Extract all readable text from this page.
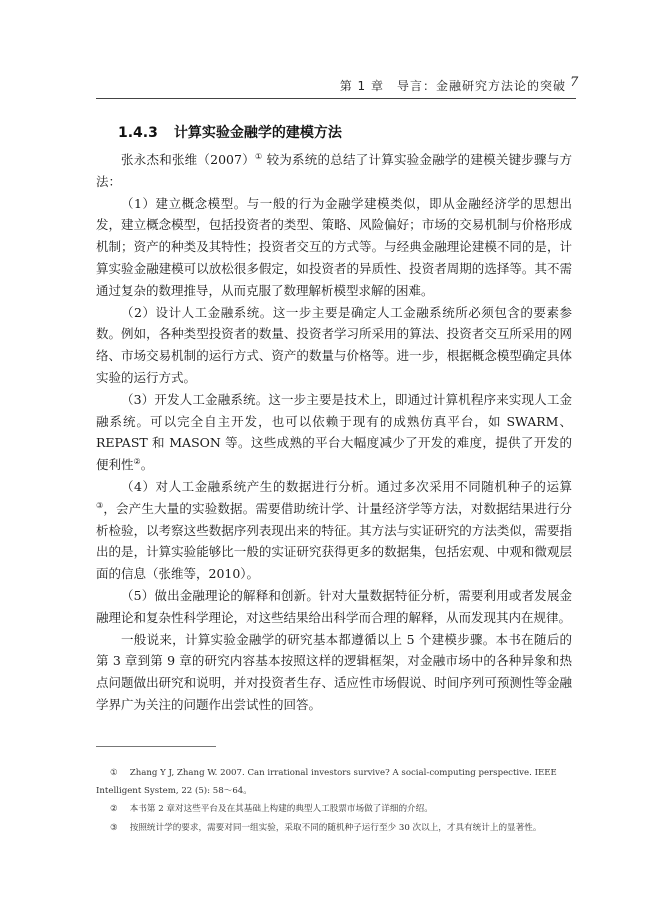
第 1 章　导言：金融研究方法论的突破 7
1.4.3 计算实验金融学的建模方法

张永杰和张维（2007）① 较为系统的总结了计算实验金融学的建模关键步骤与方法：

（1）建立概念模型。与一般的行为金融学建模类似，即从金融经济学的思想出发，建立概念模型，包括投资者的类型、策略、风险偏好；市场的交易机制与价格形成机制；资产的种类及其特性；投资者交互的方式等。与经典金融理论建模不同的是，计算实验金融建模可以放松很多假定，如投资者的异质性、投资者周期的选择等。其不需通过复杂的数理推导，从而克服了数理解析模型求解的困难。

（2）设计人工金融系统。这一步主要是确定人工金融系统所必须包含的要素参数。例如，各种类型投资者的数量、投资者学习所采用的算法、投资者交互所采用的网络、市场交易机制的运行方式、资产的数量与价格等。进一步，根据概念模型确定具体实验的运行方式。

（3）开发人工金融系统。这一步主要是技术上，即通过计算机程序来实现人工金融系统。可以完全自主开发，也可以依赖于现有的成熟仿真平台，如 SWARM、REPAST 和 MASON 等。这些成熟的平台大幅度减少了开发的难度，提供了开发的便利性②。

（4）对人工金融系统产生的数据进行分析。通过多次采用不同随机种子的运算③，会产生大量的实验数据。需要借助统计学、计量经济学等方法，对数据结果进行分析检验，以考察这些数据序列表现出来的特征。其方法与实证研究的方法类似，需要指出的是，计算实验能够比一般的实证研究获得更多的数据集，包括宏观、中观和微观层面的信息（张维等，2010）。

（5）做出金融理论的解释和创新。针对大量数据特征分析，需要利用或者发展金融理论和复杂性科学理论，对这些结果给出科学而合理的解释，从而发现其内在规律。

一般说来，计算实验金融学的研究基本都遵循以上 5 个建模步骤。本书在随后的第 3 章到第 9 章的研究内容基本按照这样的逻辑框架，对金融市场中的各种异象和热点问题做出研究和说明，并对投资者生存、适应性市场假说、时间序列可预测性等金融学界广为关注的问题作出尝试性的回答。

① Zhang Y J, Zhang W. 2007. Can irrational investors survive? A social-computing perspective. IEEE Intelligent System, 22 (5): 58～64。

② 本书第 2 章对这些平台及在其基础上构建的典型人工股票市场做了详细的介绍。

③ 按照统计学的要求，需要对同一组实验，采取不同的随机种子运行至少 30 次以上，才具有统计上的显著性。
